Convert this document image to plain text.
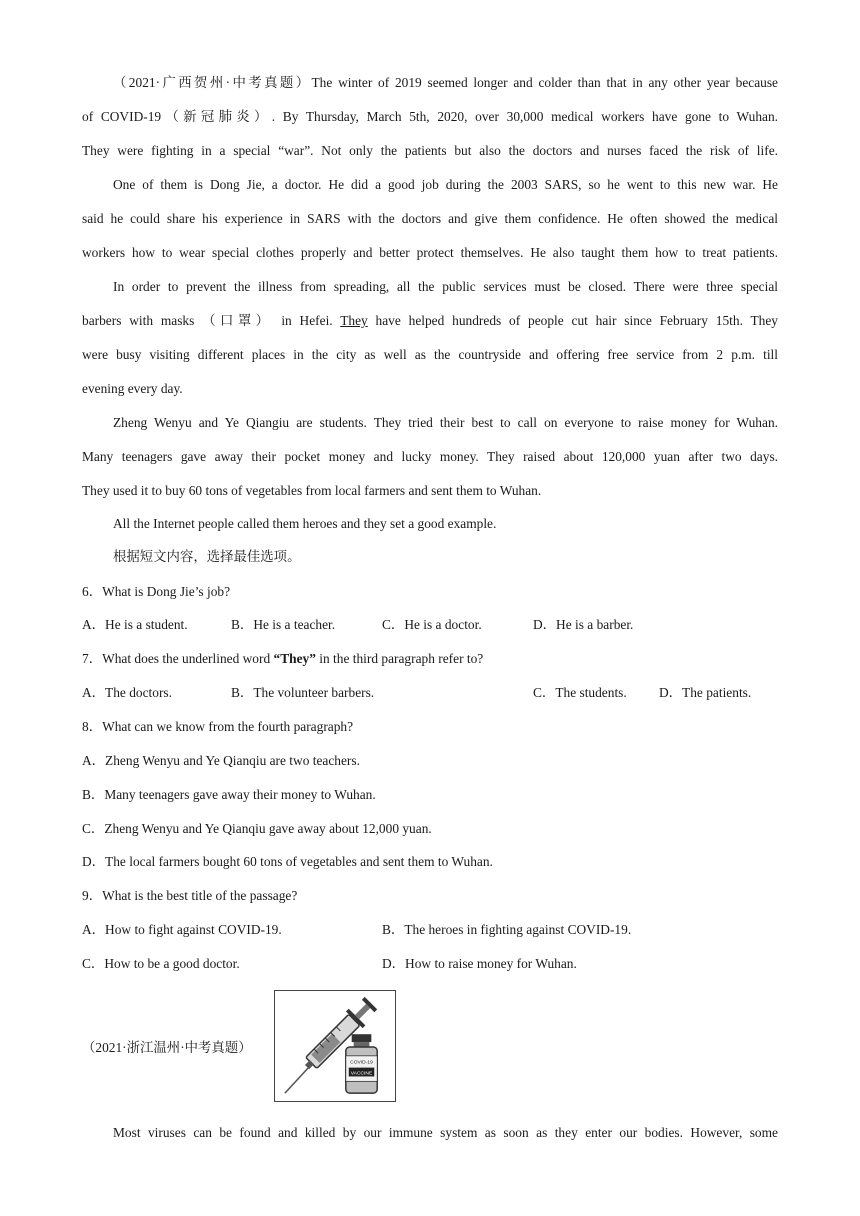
（2021·广西贺州·中考真题）The winter of 2019 seemed longer and colder than that in any other year because
of COVID-19（新冠肺炎）. By Thursday, March 5th, 2020, over 30,000 medical workers have gone to Wuhan.
They were fighting in a special “war”. Not only the patients but also the doctors and nurses faced the risk of life.
One of them is Dong Jie, a doctor. He did a good job during the 2003 SARS, so he went to this new war. He
said he could share his experience in SARS with the doctors and give them confidence. He often showed the medical
workers how to wear special clothes properly and better protect themselves. He also taught them how to treat patients.
In order to prevent the illness from spreading, all the public services must be closed. There were three special
barbers with masks （口罩） in Hefei. They have helped hundreds of people cut hair since February 15th. They
were busy visiting different places in the city as well as the countryside and offering free service from 2 p.m. till
evening every day.
Zheng Wenyu and Ye Qiangiu are students. They tried their best to call on everyone to raise money for Wuhan.
Many teenagers gave away their pocket money and lucky money. They raised about 120,000 yuan after two days.
They used it to buy 60 tons of vegetables from local farmers and sent them to Wuhan.
All the Internet people called them heroes and they set a good example.
根据短文内容，选择最佳选项。
6．What is Dong Jie’s job?
A．He is a student.	B．He is a teacher.	C．He is a doctor.	D．He is a barber.
7．What does the underlined word “They” in the third paragraph refer to?
A．The doctors.	B．The volunteer barbers.	C．The students. D．The patients.
8．What can we know from the fourth paragraph?
A．Zheng Wenyu and Ye Qianqiu are two teachers.
B．Many teenagers gave away their money to Wuhan.
C．Zheng Wenyu and Ye Qianqiu gave away about 12,000 yuan.
D．The local farmers bought 60 tons of vegetables and sent them to Wuhan.
9．What is the best title of the passage?
A．How to fight against COVID-19.	B．The heroes in fighting against COVID-19.
C．How to be a good doctor.	D．How to raise money for Wuhan.
（2021·浙江温州·中考真题）
COVID-19
VACCINE
Most viruses can be found and killed by our immune system as soon as they enter our bodies. However, some
